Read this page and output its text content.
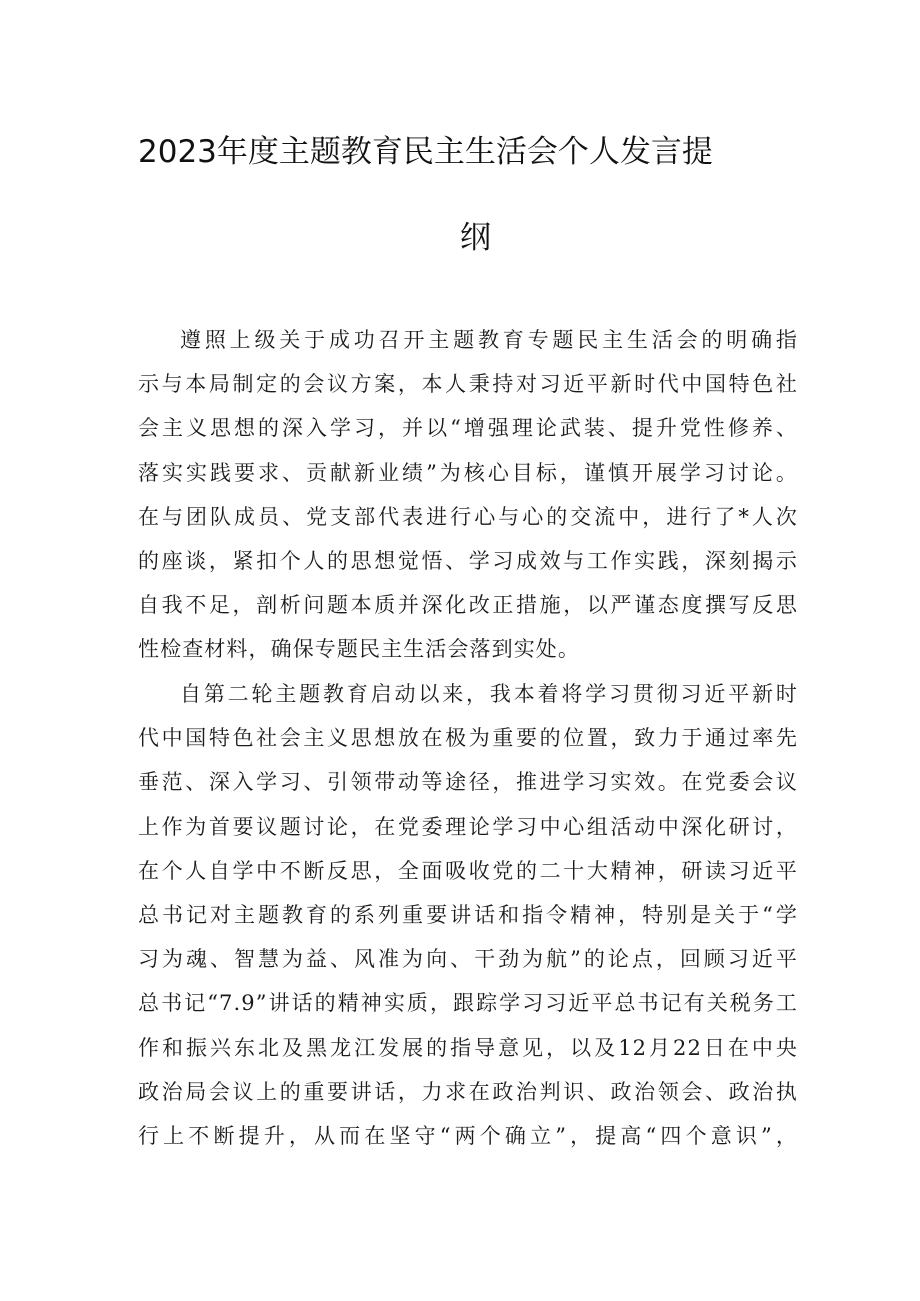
2023年度主题教育民主生活会个人发言提
纲
遵照上级关于成功召开主题教育专题民主生活会的明确指
示与本局制定的会议方案，本人秉持对习近平新时代中国特色社
会主义思想的深入学习，并以“增强理论武装、提升党性修养、
落实实践要求、贡献新业绩”为核心目标，谨慎开展学习讨论。
在与团队成员、党支部代表进行心与心的交流中，进行了*人次
的座谈，紧扣个人的思想觉悟、学习成效与工作实践，深刻揭示
自我不足，剖析问题本质并深化改正措施，以严谨态度撰写反思
性检查材料，确保专题民主生活会落到实处。
自第二轮主题教育启动以来，我本着将学习贯彻习近平新时
代中国特色社会主义思想放在极为重要的位置，致力于通过率先
垂范、深入学习、引领带动等途径，推进学习实效。在党委会议
上作为首要议题讨论，在党委理论学习中心组活动中深化研讨，
在个人自学中不断反思，全面吸收党的二十大精神，研读习近平
总书记对主题教育的系列重要讲话和指令精神，特别是关于“学
习为魂、智慧为益、风准为向、干劲为航”的论点，回顾习近平
总书记“7.9”讲话的精神实质，跟踪学习习近平总书记有关税务工
作和振兴东北及黑龙江发展的指导意见，以及12月22日在中央
政治局会议上的重要讲话，力求在政治判识、政治领会、政治执
行上不断提升，从而在坚守“两个确立”，提高“四个意识”，
